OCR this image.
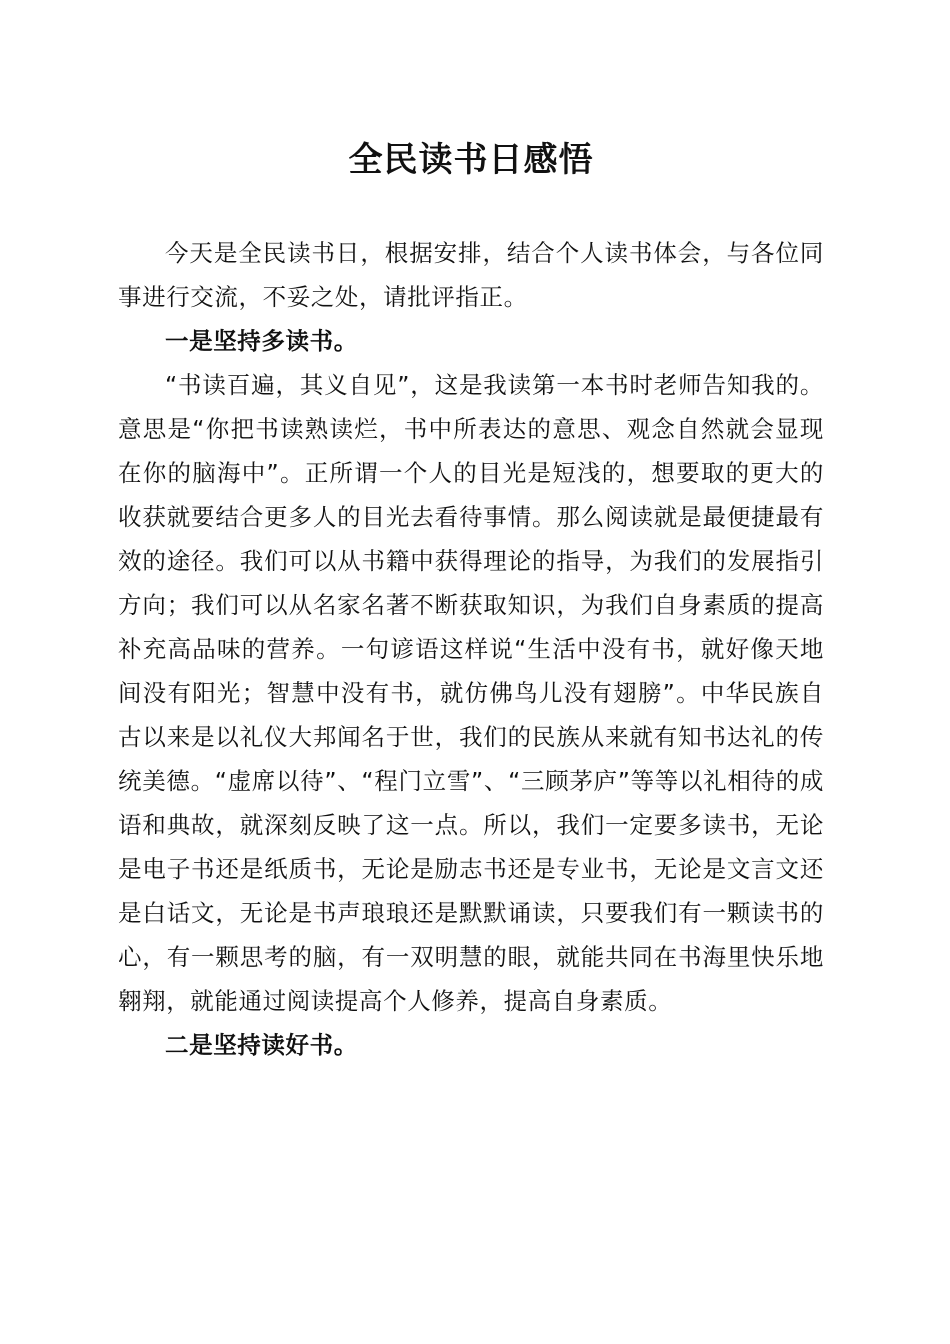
全民读书日感悟

今天是全民读书日，根据安排，结合个人读书体会，与各位同事进行交流，不妥之处，请批评指正。

一是坚持多读书。

“书读百遍，其义自见”，这是我读第一本书时老师告知我的。意思是“你把书读熟读烂，书中所表达的意思、观念自然就会显现在你的脑海中”。正所谓一个人的目光是短浅的，想要取的更大的收获就要结合更多人的目光去看待事情。那么阅读就是最便捷最有效的途径。我们可以从书籍中获得理论的指导，为我们的发展指引方向；我们可以从名家名著不断获取知识，为我们自身素质的提高补充高品味的营养。一句谚语这样说“生活中没有书，就好像天地间没有阳光；智慧中没有书，就仿佛鸟儿没有翅膀”。中华民族自古以来是以礼仪大邦闻名于世，我们的民族从来就有知书达礼的传统美德。“虚席以待”、“程门立雪”、“三顾茅庐”等等以礼相待的成语和典故，就深刻反映了这一点。所以，我们一定要多读书，无论是电子书还是纸质书，无论是励志书还是专业书，无论是文言文还是白话文，无论是书声琅琅还是默默诵读，只要我们有一颗读书的心，有一颗思考的脑，有一双明慧的眼，就能共同在书海里快乐地翱翔，就能通过阅读提高个人修养，提高自身素质。

二是坚持读好书。
